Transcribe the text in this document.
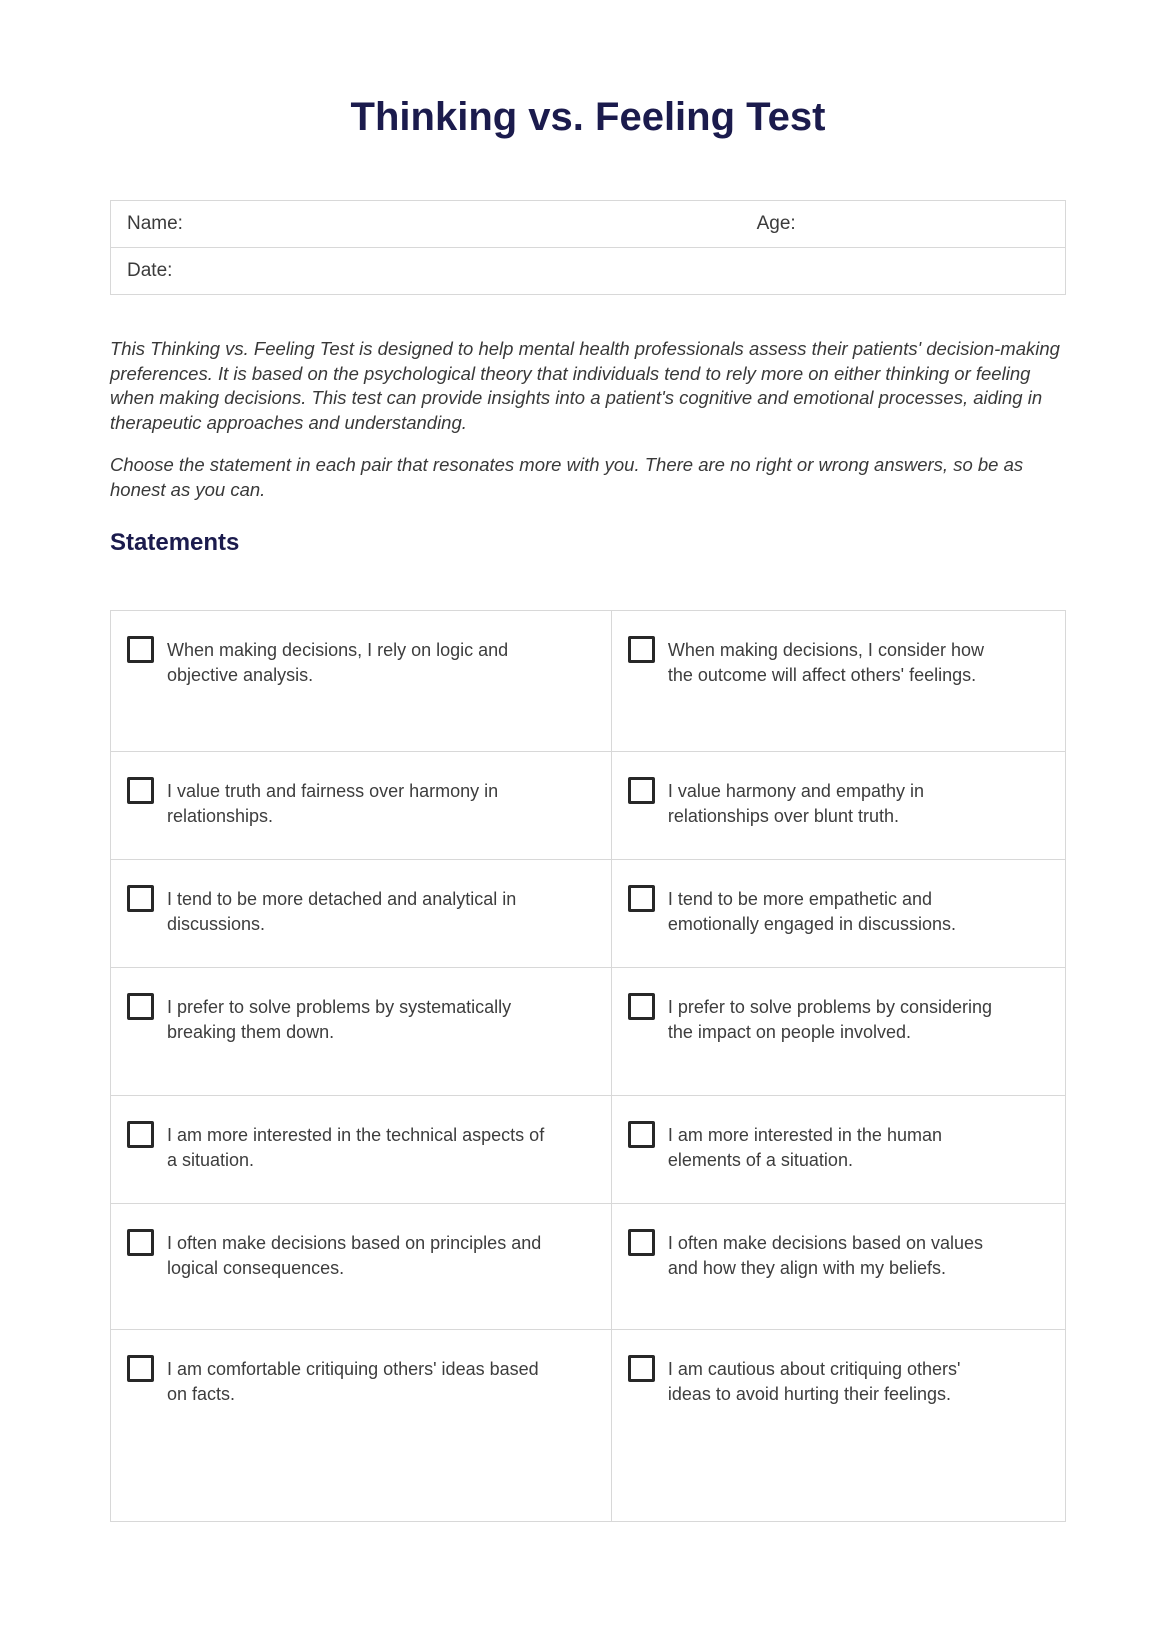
Thinking vs. Feeling Test
Name:	Age:
Date:

This Thinking vs. Feeling Test is designed to help mental health professionals assess their patients' decision-making preferences. It is based on the psychological theory that individuals tend to rely more on either thinking or feeling when making decisions. This test can provide insights into a patient's cognitive and emotional processes, aiding in therapeutic approaches and understanding.

Choose the statement in each pair that resonates more with you. There are no right or wrong answers, so be as honest as you can.

Statements
When making decisions, I rely on logic and objective analysis.
When making decisions, I consider how the outcome will affect others' feelings.
I value truth and fairness over harmony in relationships.
I value harmony and empathy in relationships over blunt truth.
I tend to be more detached and analytical in discussions.
I tend to be more empathetic and emotionally engaged in discussions.
I prefer to solve problems by systematically breaking them down.
I prefer to solve problems by considering the impact on people involved.
I am more interested in the technical aspects of a situation.
I am more interested in the human elements of a situation.
I often make decisions based on principles and logical consequences.
I often make decisions based on values and how they align with my beliefs.
I am comfortable critiquing others' ideas based on facts.
I am cautious about critiquing others' ideas to avoid hurting their feelings.
